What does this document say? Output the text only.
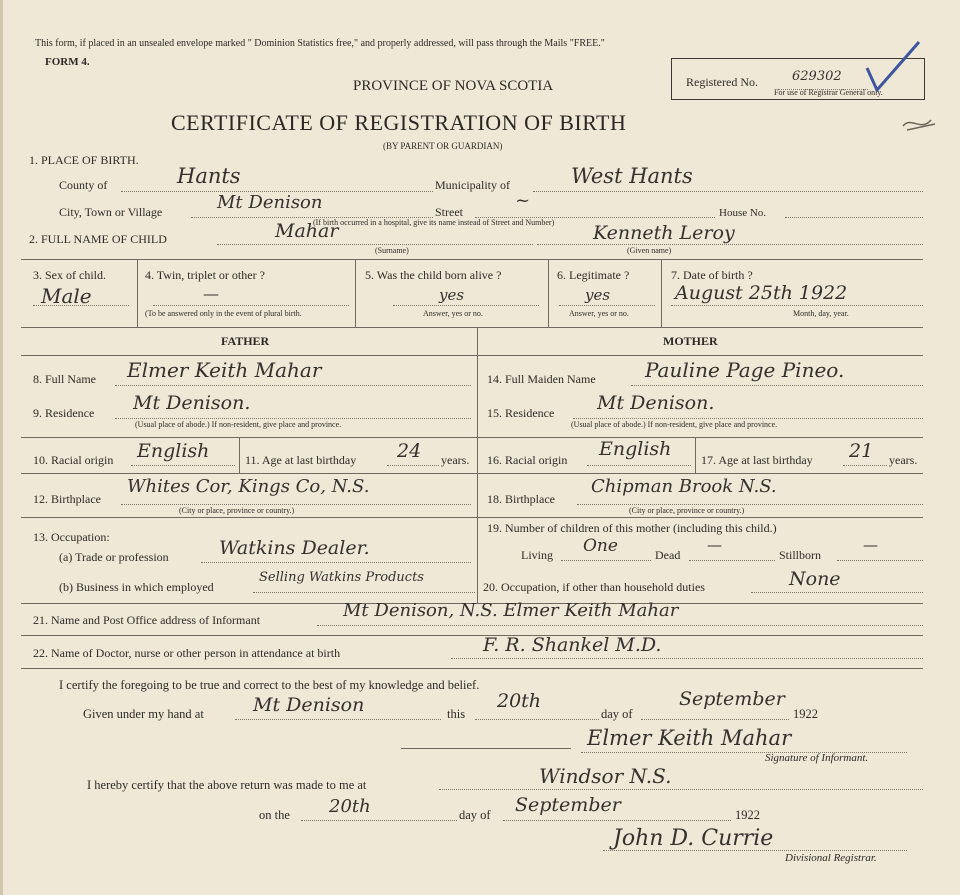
This form, if placed in an unsealed envelope marked " Dominion Statistics free," and properly addressed, will pass through the Mails "FREE."
FORM 4.
PROVINCE OF NOVA SCOTIA
CERTIFICATE OF REGISTRATION OF BIRTH
(BY PARENT OR GUARDIAN)
Registered No.	629302
For use of Registrar General only.
1. PLACE OF BIRTH.
County of	Hants	Municipality of	West Hants
City, Town or Village	Mt Denison	Street
~
House No.
(If birth occurred in a hospital, give its name instead of Street and Number)
2. FULL NAME OF CHILD	Mahar
(Surname)
Kenneth Leroy
(Given name)
3. Sex of child.
Male
4. Twin, triplet or other ?
—
(To be answered only in the event of plural birth.
5. Was the child born alive ?
yes
Answer, yes or no.
6. Legitimate ?
yes
Answer, yes or no.
7. Date of birth ?
August 25th 1922
Month, day, year.
FATHER	MOTHER
8. Full Name Elmer Keith Mahar
9. Residence Mt Denison.
(Usual place of abode.) If non-resident, give place and province.
10. Racial origin English	11. Age at last birthday 24 years.
12. Birthplace
Whites Cor, Kings Co, N.S.
(City or place, province or country.)
13. Occupation:
(a) Trade or profession	Watkins Dealer.
(b) Business in which employed
Selling Watkins Products
14. Full Maiden Name Pauline Page Pineo.
15. Residence Mt Denison.
(Usual place of abode.) If non-resident, give place and province.
16. Racial origin English 17. Age at last birthday 21 years.
18. Birthplace
Chipman Brook N.S.
(City or place, province or country.)
19. Number of children of this mother (including this child.)
Living One	Dead
—
Stillborn
—
20. Occupation, if other than household duties	None
21. Name and Post Office address of Informant	Mt Denison, N.S. Elmer Keith Mahar
22. Name of Doctor, nurse or other person in attendance at birth	F. R. Shankel M.D.
I certify the foregoing to be true and correct to the best of my knowledge and belief.
Given under my hand at	Mt Denison	this
20th
day of
September
1922
Elmer Keith Mahar
Signature of Informant.
I hereby certify that the above return was made to me at	Windsor N.S.
on the 20th	day of September	1922
John D. Currie
Divisional Registrar.
